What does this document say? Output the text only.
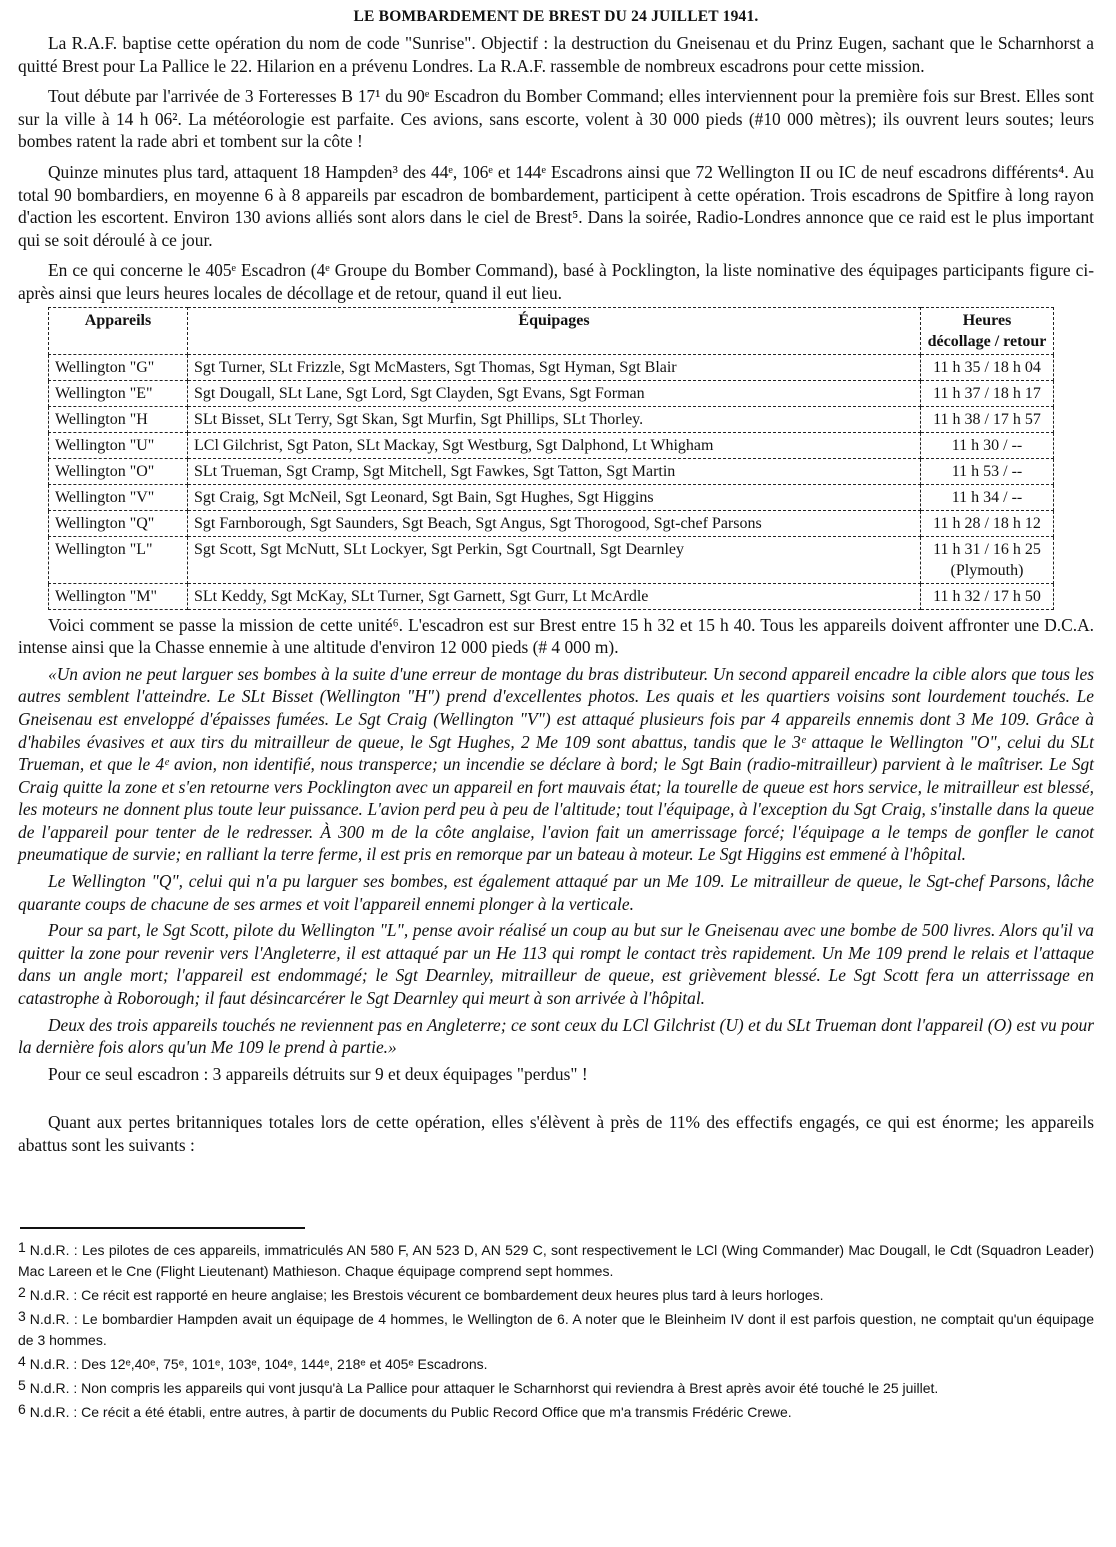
LE BOMBARDEMENT DE BREST DU 24 JUILLET 1941.

La R.A.F. baptise cette opération du nom de code "Sunrise". Objectif : la destruction du Gneisenau et du Prinz Eugen, sachant que le Scharnhorst a quitté Brest pour La Pallice le 22. Hilarion en a prévenu Londres. La R.A.F. rassemble de nombreux escadrons pour cette mission.

Tout débute par l'arrivée de 3 Forteresses B 17¹ du 90ᵉ Escadron du Bomber Command; elles interviennent pour la première fois sur Brest. Elles sont sur la ville à 14 h 06². La météorologie est parfaite. Ces avions, sans escorte, volent à 30 000 pieds (#10 000 mètres); ils ouvrent leurs soutes; leurs bombes ratent la rade abri et tombent sur la côte !

Quinze minutes plus tard, attaquent 18 Hampden³ des 44ᵉ, 106ᵉ et 144ᵉ Escadrons ainsi que 72 Wellington II ou IC de neuf escadrons différents⁴. Au total 90 bombardiers, en moyenne 6 à 8 appareils par escadron de bombardement, participent à cette opération. Trois escadrons de Spitfire à long rayon d'action les escortent. Environ 130 avions alliés sont alors dans le ciel de Brest⁵. Dans la soirée, Radio-Londres annonce que ce raid est le plus important qui se soit déroulé à ce jour.

En ce qui concerne le 405ᵉ Escadron (4ᵉ Groupe du Bomber Command), basé à Pocklington, la liste nominative des équipages participants figure ci-après ainsi que leurs heures locales de décollage et de retour, quand il eut lieu.

Appareils	Équipages	Heures
décollage / retour

Wellington "G"	Sgt Turner, SLt Frizzle, Sgt McMasters, Sgt Thomas, Sgt Hyman, Sgt Blair	11 h 35 / 18 h 04

Wellington "E"	Sgt Dougall, SLt Lane, Sgt Lord, Sgt Clayden, Sgt Evans, Sgt Forman	11 h 37 / 18 h 17

Wellington "H	SLt Bisset, SLt Terry, Sgt Skan, Sgt Murfin, Sgt Phillips, SLt Thorley.	11 h 38 / 17 h 57

Wellington "U"	LCl Gilchrist, Sgt Paton, SLt Mackay, Sgt Westburg, Sgt Dalphond, Lt Whigham	11 h 30 / --

Wellington "O"	SLt Trueman, Sgt Cramp, Sgt Mitchell, Sgt Fawkes, Sgt Tatton, Sgt Martin	11 h 53 / --

Wellington "V"	Sgt Craig, Sgt McNeil, Sgt Leonard, Sgt Bain, Sgt Hughes, Sgt Higgins	11 h 34 / --

Wellington "Q"	Sgt Farnborough, Sgt Saunders, Sgt Beach, Sgt Angus, Sgt Thorogood, Sgt-chef Parsons	11 h 28 / 18 h 12

Wellington "L"	Sgt Scott, Sgt McNutt, SLt Lockyer, Sgt Perkin, Sgt Courtnall, Sgt Dearnley	11 h 31 / 16 h 25
(Plymouth)

Wellington "M"	SLt Keddy, Sgt McKay, SLt Turner, Sgt Garnett, Sgt Gurr, Lt McArdle	11 h 32 / 17 h 50

Voici comment se passe la mission de cette unité⁶. L'escadron est sur Brest entre 15 h 32 et 15 h 40. Tous les appareils doivent affronter une D.C.A. intense ainsi que la Chasse ennemie à une altitude d'environ 12 000 pieds (# 4 000 m).

«Un avion ne peut larguer ses bombes à la suite d'une erreur de montage du bras distributeur. Un second appareil encadre la cible alors que tous les autres semblent l'atteindre. Le SLt Bisset (Wellington "H") prend d'excellentes photos. Les quais et les quartiers voisins sont lourdement touchés. Le Gneisenau est enveloppé d'épaisses fumées. Le Sgt Craig (Wellington "V") est attaqué plusieurs fois par 4 appareils ennemis dont 3 Me 109. Grâce à d'habiles évasives et aux tirs du mitrailleur de queue, le Sgt Hughes, 2 Me 109 sont abattus, tandis que le 3ᵉ attaque le Wellington "O", celui du SLt Trueman, et que le 4ᵉ avion, non identifié, nous transperce; un incendie se déclare à bord; le Sgt Bain (radio-mitrailleur) parvient à le maîtriser. Le Sgt Craig quitte la zone et s'en retourne vers Pocklington avec un appareil en fort mauvais état; la tourelle de queue est hors service, le mitrailleur est blessé, les moteurs ne donnent plus toute leur puissance. L'avion perd peu à peu de l'altitude; tout l'équipage, à l'exception du Sgt Craig, s'installe dans la queue de l'appareil pour tenter de le redresser. À 300 m de la côte anglaise, l'avion fait un amerrissage forcé; l'équipage a le temps de gonfler le canot pneumatique de survie; en ralliant la terre ferme, il est pris en remorque par un bateau à moteur. Le Sgt Higgins est emmené à l'hôpital.

Le Wellington "Q", celui qui n'a pu larguer ses bombes, est également attaqué par un Me 109. Le mitrailleur de queue, le Sgt-chef Parsons, lâche quarante coups de chacune de ses armes et voit l'appareil ennemi plonger à la verticale.

Pour sa part, le Sgt Scott, pilote du Wellington "L", pense avoir réalisé un coup au but sur le Gneisenau avec une bombe de 500 livres. Alors qu'il va quitter la zone pour revenir vers l'Angleterre, il est attaqué par un He 113 qui rompt le contact très rapidement. Un Me 109 prend le relais et l'attaque dans un angle mort; l'appareil est endommagé; le Sgt Dearnley, mitrailleur de queue, est grièvement blessé. Le Sgt Scott fera un atterrissage en catastrophe à Roborough; il faut désincarcérer le Sgt Dearnley qui meurt à son arrivée à l'hôpital.

Deux des trois appareils touchés ne reviennent pas en Angleterre; ce sont ceux du LCl Gilchrist (U) et du SLt Trueman dont l'appareil (O) est vu pour la dernière fois alors qu'un Me 109 le prend à partie.»

Pour ce seul escadron : 3 appareils détruits sur 9 et deux équipages "perdus" !

Quant aux pertes britanniques totales lors de cette opération, elles s'élèvent à près de 11% des effectifs engagés, ce qui est énorme; les appareils abattus sont les suivants :

1 N.d.R. : Les pilotes de ces appareils, immatriculés AN 580 F, AN 523 D, AN 529 C, sont respectivement le LCl (Wing Commander) Mac Dougall, le Cdt (Squadron Leader) Mac Lareen et le Cne (Flight Lieutenant) Mathieson. Chaque équipage comprend sept hommes.

2 N.d.R. : Ce récit est rapporté en heure anglaise; les Brestois vécurent ce bombardement deux heures plus tard à leurs horloges.

3 N.d.R. : Le bombardier Hampden avait un équipage de 4 hommes, le Wellington de 6. A noter que le Bleinheim IV dont il est parfois question, ne comptait qu'un équipage de 3 hommes.

4 N.d.R. : Des 12ᵉ,40ᵉ, 75ᵉ, 101ᵉ, 103ᵉ, 104ᵉ, 144ᵉ, 218ᵉ et 405ᵉ Escadrons.

5 N.d.R. : Non compris les appareils qui vont jusqu'à La Pallice pour attaquer le Scharnhorst qui reviendra à Brest après avoir été touché le 25 juillet.

6 N.d.R. : Ce récit a été établi, entre autres, à partir de documents du Public Record Office que m'a transmis Frédéric Crewe.
